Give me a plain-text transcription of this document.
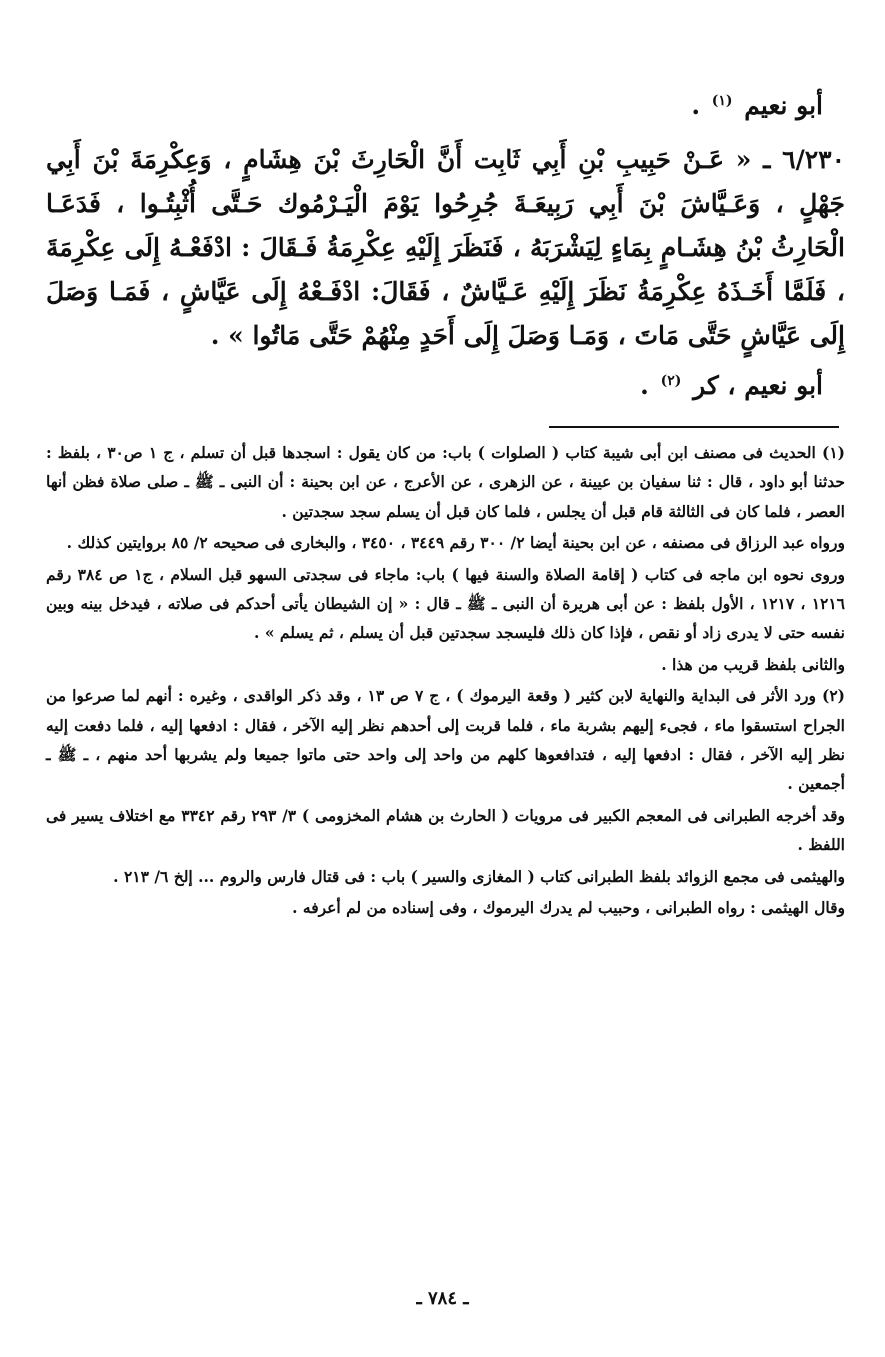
أبو نعيم $^{(١)}$ .

٦/٢٣٠ ـ « عَـنْ حَبِيبِ بْنِ أَبِي ثَابِت أَنَّ الْحَارِثَ بْنَ هِشَامٍ ، وَعِكْرِمَةَ بْنَ أَبِي جَهْلٍ ، وَعَـيَّاشَ بْنَ أَبِي رَبِيعَـةَ جُرِحُوا يَوْمَ الْيَـرْمُوك حَـتَّى أُثْبِتُـوا ، فَدَعَـا الْحَارِثُ بْنُ هِشَـامٍ بِمَاءٍ لِيَشْرَبَهُ ، فَنَظَرَ إِلَيْهِ عِكْرِمَةُ فَـقَالَ : ادْفَعْـهُ إِلَى عِكْرِمَةَ ، فَلَمَّا أَخَـذَهُ عِكْرِمَةُ نَظَرَ إِلَيْهِ عَـيَّاشٌ ، فَقَالَ: ادْفَـعْهُ إِلَى عَيَّاشٍ ، فَمَـا وَصَلَ إِلَى عَيَّاشٍ حَتَّى مَاتَ ، وَمَـا وَصَلَ إِلَى أَحَدٍ مِنْهُمْ حَتَّى مَاتُوا » .

أبو نعيم ، كر $^{(٢)}$ .

(١) الحديث فى مصنف ابن أبى شيبة كتاب ( الصلوات ) باب: من كان يقول : اسجدها قبل أن تسلم ، ج ١ ص٣٠ ، بلفظ : حدثنا أبو داود ، قال : ثنا سفيان بن عيينة ، عن الزهرى ، عن الأعرج ، عن ابن بحينة : أن النبى ـ ﷺ ـ صلى صلاة فظن أنها العصر ، فلما كان فى الثالثة قام قبل أن يجلس ، فلما كان قبل أن يسلم سجد سجدتين .

ورواه عبد الرزاق فى مصنفه ، عن ابن بحينة أيضا ٢/ ٣٠٠ رقم ٣٤٤٩ ، ٣٤٥٠ ، والبخارى فى صحيحه ٢/ ٨٥ بروايتين كذلك .

وروى نحوه ابن ماجه فى كتاب ( إقامة الصلاة والسنة فيها ) باب: ماجاء فى سجدتى السهو قبل السلام ، ج١ ص ٣٨٤ رقم ١٢١٦ ، ١٢١٧ ، الأول بلفظ : عن أبى هريرة أن النبى ـ ﷺ ـ قال : « إن الشيطان يأتى أحدكم فى صلاته ، فيدخل بينه وبين نفسه حتى لا يدرى زاد أو نقص ، فإذا كان ذلك فليسجد سجدتين قبل أن يسلم ، ثم يسلم » .

والثانى بلفظ قريب من هذا .

(٢) ورد الأثر فى البداية والنهاية لابن كثير ( وقعة اليرموك ) ، ج ٧ ص ١٣ ، وقد ذكر الواقدى ، وغيره : أنهم لما صرعوا من الجراح استسقوا ماء ، فجىء إليهم بشربة ماء ، فلما قربت إلى أحدهم نظر إليه الآخر ، فقال : ادفعها إليه ، فلما دفعت إليه نظر إليه الآخر ، فقال : ادفعها إليه ، فتدافعوها كلهم من واحد إلى واحد حتى ماتوا جميعا ولم يشربها أحد منهم ، ـ ﷺ ـ أجمعين .

وقد أخرجه الطبرانى فى المعجم الكبير فى مرويات ( الحارث بن هشام المخزومى ) ٣/ ٢٩٣ رقم ٣٣٤٢ مع اختلاف يسير فى اللفظ .

والهيثمى فى مجمع الزوائد بلفظ الطبرانى كتاب ( المغازى والسير ) باب : فى قتال فارس والروم ... إلخ ٦/ ٢١٣ .

وقال الهيثمى : رواه الطبرانى ، وحبيب لم يدرك اليرموك ، وفى إسناده من لم أعرفه .

ـ ٧٨٤ ـ
